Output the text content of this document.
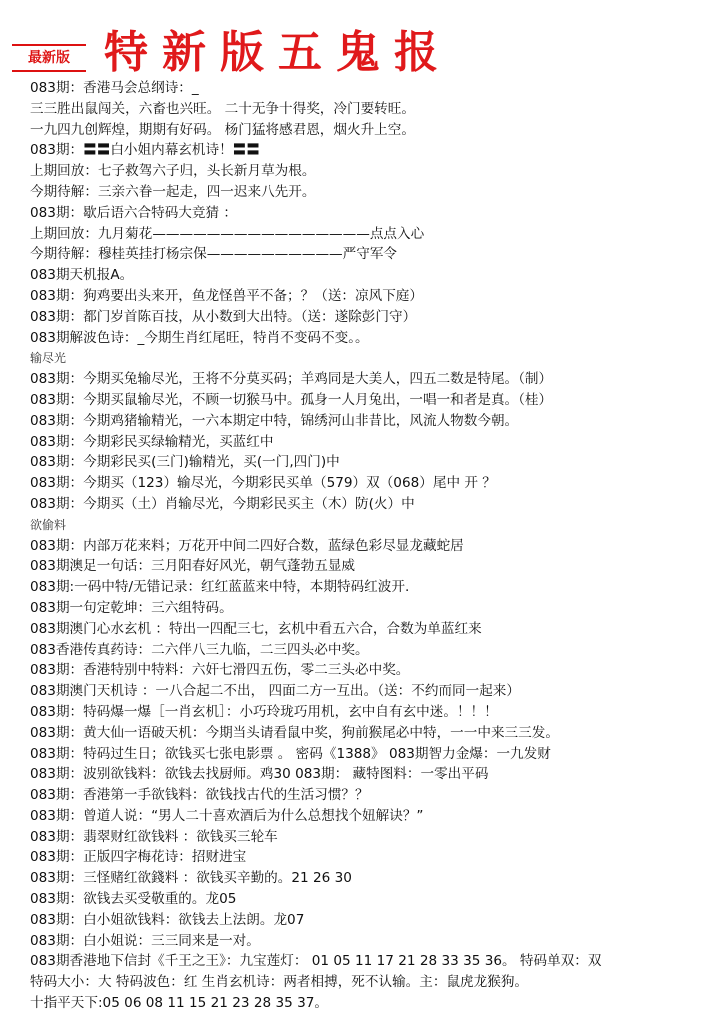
最新版 特新版五鬼报
083期：香港马会总纲诗：_
三三胜出鼠闯关，六畜也兴旺。 二十无争十得奖，冷门要转旺。
一九四九创辉煌，期期有好码。 杨门猛将感君恩，烟火升上空。
083期：〓〓白小姐内幕玄机诗！〓〓
上期回放：七子救驾六子归，头长新月草为根。
今期待解：三亲六眷一起走，四一迟来八先开。
083期：歇后语六合特码大竞猜 ：
上期回放：九月菊花————————————————点点入心
今期待解：穆桂英挂打杨宗保——————————严守军令
083期天机报A。
083期：狗鸡要出头来开，鱼龙怪兽平不备；？（送：凉风下庭）
083期：都门岁首陈百技，从小数到大出特。（送：遂除彭门守）
083期解波色诗：_今期生肖红尾旺，特肖不变码不变。。
输尽光
083期：今期买兔输尽光，王将不分莫买码；羊鸡同是大美人，四五二数是特尾。（制）
083期：今期买鼠输尽光，不顾一切猴马中。孤身一人月兔出，一唱一和者是真。（桂）
083期：今期鸡猪输精光，一六本期定中特，锦绣河山非昔比，风流人物数今朝。
083期：今期彩民买绿输精光，买蓝红中
083期：今期彩民买(三门)输精光，买(一门,四门)中
083期：今期买（123）输尽光，今期彩民买单（579）双（068）尾中 开 ？
083期：今期买（土）肖输尽光，今期彩民买主（木）防(火）中
欲偷料
083期：内部万花来料；万花开中间二四好合数，蓝绿色彩尽显龙藏蛇居
083期澳足一句话：三月阳春好风光，朝气蓬勃五显威
083期:一码中特/无错记录：红红蓝蓝来中特，本期特码红波开.
083期一句定乾坤：三六组特码。
083期澳门心水玄机 ：特出一四配三七，玄机中看五六合，合数为单蓝红来
083香港传真药诗：二六伴八三九临，二三四头必中奖。
083期：香港特别中特料：六奸七滑四五伤，零二三头必中奖。
083期澳门天机诗 ：一八合起二不出， 四面二方一互出。（送：不约而同一起来）
083期：特码爆一爆［一肖玄机］：小巧玲珑巧用机，玄中自有玄中迷。！！！
083期：黄大仙一语破天机：今期当头请看鼠中奖，狗前猴尾必中特，一一中来三三发。
083期：特码过生日；欲钱买七张电影票 。 密码《1388》 083期智力金爆：一九发财
083期：波别欲钱料：欲钱去找厨师。鸡30 083期： 藏特图料：一零出平码
083期：香港第一手欲钱料：欲钱找古代的生活习惯？？
083期：曾道人说：“男人二十喜欢酒后为什么总想找个妞解诀？”
083期：翡翠财红欲钱料 ：欲钱买三轮车
083期：正版四字梅花诗：招财进宝
083期：三怪赌红欲錢料 ：欲钱买辛勤的。21 26 30
083期：欲钱去买受敬重的。龙05
083期：白小姐欲钱料：欲钱去上法朗。龙07
083期：白小姐说：三三同来是一对。
083期香港地下信封《千王之王》：九宝莲灯： 01 05 11 17 21 28 33 35 36。 特码单双：双
特码大小：大 特码波色：红 生肖玄机诗：两者相搏，死不认输。主：鼠虎龙猴狗。
十指平天下:05 06 08 11 15 21 23 28 35 37。
